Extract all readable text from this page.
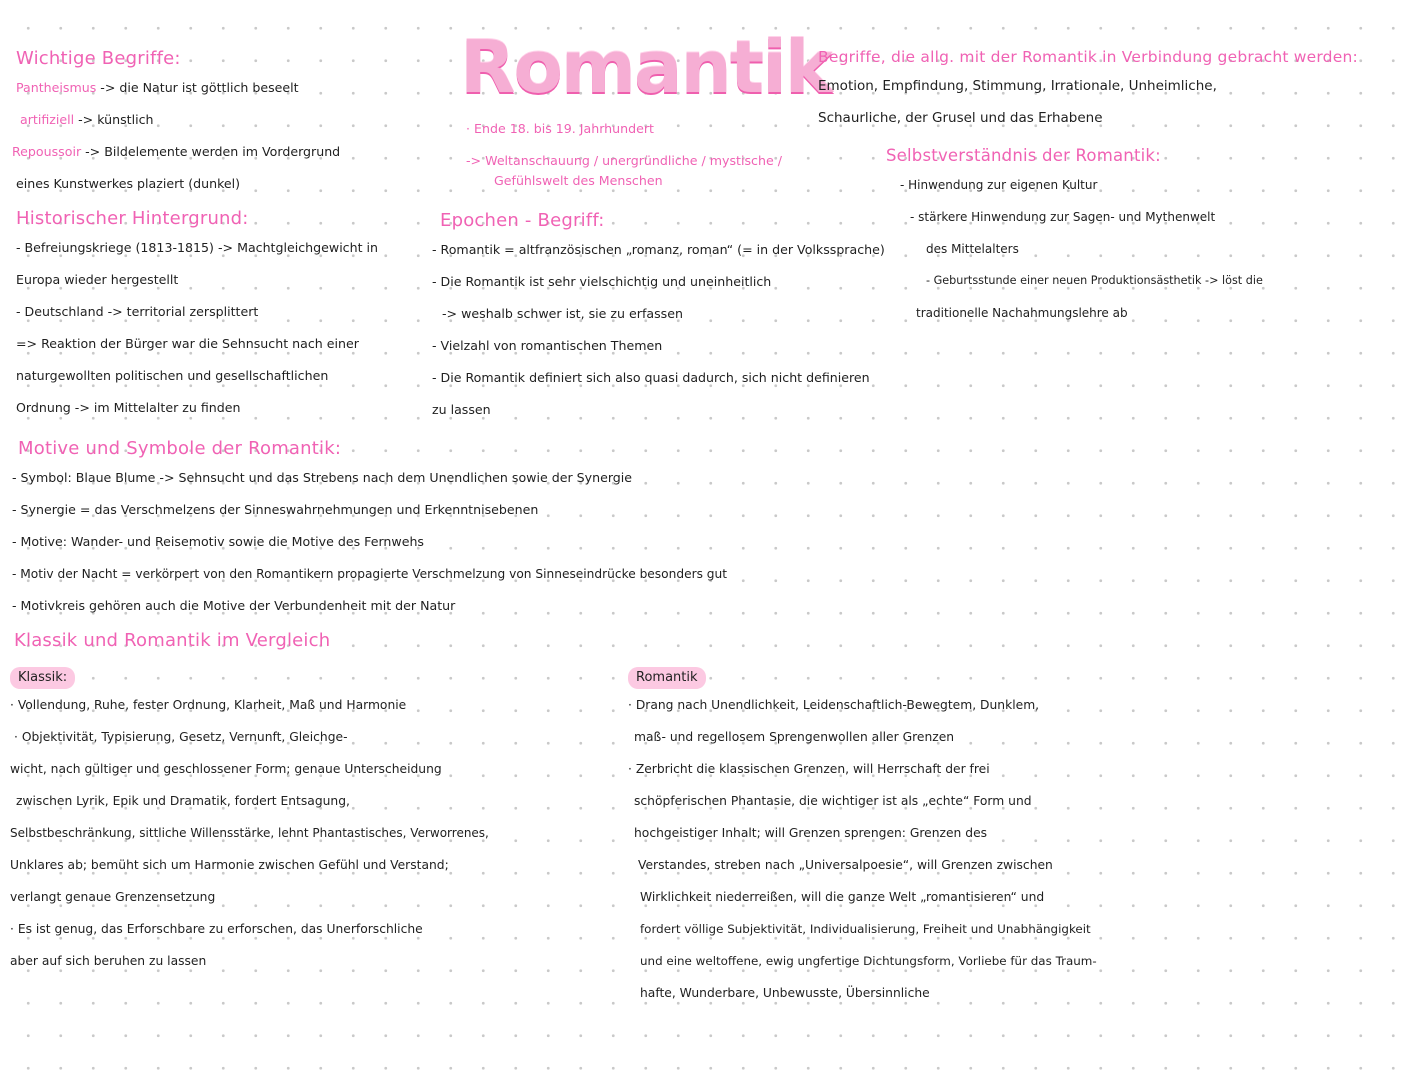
Romantik
Wichtige Begriffe:
Pantheismus -> die Natur ist göttlich beseelt
artifiziell -> künstlich
Repoussoir -> Bildelemente werden im Vordergrund
eines Kunstwerkes plaziert (dunkel)
Historischer Hintergrund:
- Befreiungskriege (1813-1815) -> Machtgleichgewicht in
Europa wieder hergestellt
- Deutschland -> territorial zersplittert
=> Reaktion der Bürger war die Sehnsucht nach einer
naturgewollten politischen und gesellschaftlichen
Ordnung -> im Mittelalter zu finden
· Ende 18. bis 19. Jahrhundert
-> Weltanschauung / unergründliche / mystische /
Gefühlswelt des Menschen
Epochen - Begriff:
- Romantik = altfranzösischen „romanz, roman“ (= in der Volkssprache)
- Die Romantik ist sehr vielschichtig und uneinheitlich
-> weshalb schwer ist, sie zu erfassen
- Vielzahl von romantischen Themen
- Die Romantik definiert sich also quasi dadurch, sich nicht definieren
zu lassen
Begriffe, die allg. mit der Romantik in Verbindung gebracht werden:
Emotion, Empfindung, Stimmung, Irrationale, Unheimliche,
Schaurliche, der Grusel und das Erhabene
Selbstverständnis der Romantik:
- Hinwendung zur eigenen Kultur
- stärkere Hinwendung zur Sagen- und Mythenwelt
des Mittelalters
- Geburtsstunde einer neuen Produktionsästhetik -> löst die
traditionelle Nachahmungslehre ab
Motive und Symbole der Romantik:
- Symbol: Blaue Blume -> Sehnsucht und das Strebens nach dem Unendlichen sowie der Synergie
- Synergie = das Verschmelzens der Sinneswahrnehmungen und Erkenntnisebenen
- Motive: Wander- und Reisemotiv sowie die Motive des Fernwehs
- Motiv der Nacht = verkörpert von den Romantikern propagierte Verschmelzung von Sinneseindrücke besonders gut
- Motivkreis gehören auch die Motive der Verbundenheit mit der Natur
Klassik und Romantik im Vergleich
Klassik:
· Vollendung, Ruhe, fester Ordnung, Klarheit, Maß und Harmonie
· Objektivität, Typisierung, Gesetz, Vernunft, Gleichge-
wicht, nach gültiger und geschlossener Form; genaue Unterscheidung
zwischen Lyrik, Epik und Dramatik, fordert Entsagung,
Selbstbeschränkung, sittliche Willensstärke, lehnt Phantastisches, Verworrenes,
Unklares ab; bemüht sich um Harmonie zwischen Gefühl und Verstand;
verlangt genaue Grenzensetzung
· Es ist genug, das Erforschbare zu erforschen, das Unerforschliche
aber auf sich beruhen zu lassen
Romantik
· Drang nach Unendlichkeit, Leidenschaftlich-Bewegtem, Dunklem,
maß- und regellosem Sprengenwollen aller Grenzen
· Zerbricht die klassischen Grenzen, will Herrschaft der frei
schöpferischen Phantasie, die wichtiger ist als „echte“ Form und
hochgeistiger Inhalt; will Grenzen sprengen: Grenzen des
Verstandes, streben nach „Universalpoesie“, will Grenzen zwischen
Wirklichkeit niederreißen, will die ganze Welt „romantisieren“ und
fordert völlige Subjektivität, Individualisierung, Freiheit und Unabhängigkeit
und eine weltoffene, ewig ungfertige Dichtungsform, Vorliebe für das Traum-
hafte, Wunderbare, Unbewusste, Übersinnliche
